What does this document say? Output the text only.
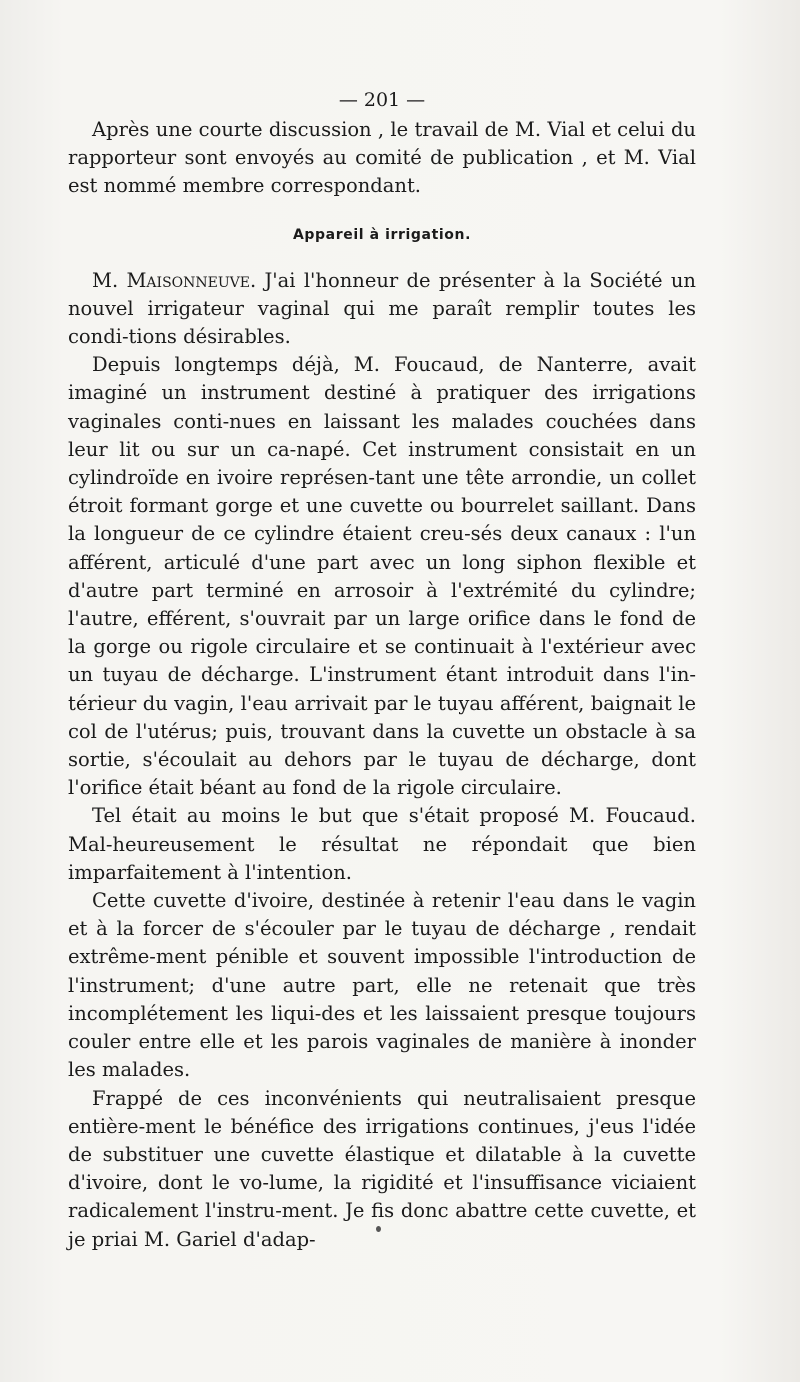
— 201 —

Après une courte discussion , le travail de M. Vial et celui du rapporteur sont envoyés au comité de publication , et M. Vial est nommé membre correspondant.

Appareil à irrigation.

M. Maisonneuve. J'ai l'honneur de présenter à la Société un nouvel irrigateur vaginal qui me paraît remplir toutes les condi-tions désirables.

Depuis longtemps déjà, M. Foucaud, de Nanterre, avait imaginé un instrument destiné à pratiquer des irrigations vaginales conti-nues en laissant les malades couchées dans leur lit ou sur un ca-napé. Cet instrument consistait en un cylindroïde en ivoire représen-tant une tête arrondie, un collet étroit formant gorge et une cuvette ou bourrelet saillant. Dans la longueur de ce cylindre étaient creu-sés deux canaux : l'un afférent, articulé d'une part avec un long siphon flexible et d'autre part terminé en arrosoir à l'extrémité du cylindre; l'autre, efférent, s'ouvrait par un large orifice dans le fond de la gorge ou rigole circulaire et se continuait à l'extérieur avec un tuyau de décharge. L'instrument étant introduit dans l'in-térieur du vagin, l'eau arrivait par le tuyau afférent, baignait le col de l'utérus; puis, trouvant dans la cuvette un obstacle à sa sortie, s'écoulait au dehors par le tuyau de décharge, dont l'orifice était béant au fond de la rigole circulaire.

Tel était au moins le but que s'était proposé M. Foucaud. Mal-heureusement le résultat ne répondait que bien imparfaitement à l'intention.

Cette cuvette d'ivoire, destinée à retenir l'eau dans le vagin et à la forcer de s'écouler par le tuyau de décharge , rendait extrême-ment pénible et souvent impossible l'introduction de l'instrument; d'une autre part, elle ne retenait que très incomplétement les liqui-des et les laissaient presque toujours couler entre elle et les parois vaginales de manière à inonder les malades.

Frappé de ces inconvénients qui neutralisaient presque entière-ment le bénéfice des irrigations continues, j'eus l'idée de substituer une cuvette élastique et dilatable à la cuvette d'ivoire, dont le vo-lume, la rigidité et l'insuffisance viciaient radicalement l'instru-ment. Je fis donc abattre cette cuvette, et je priai M. Gariel d'adap-
